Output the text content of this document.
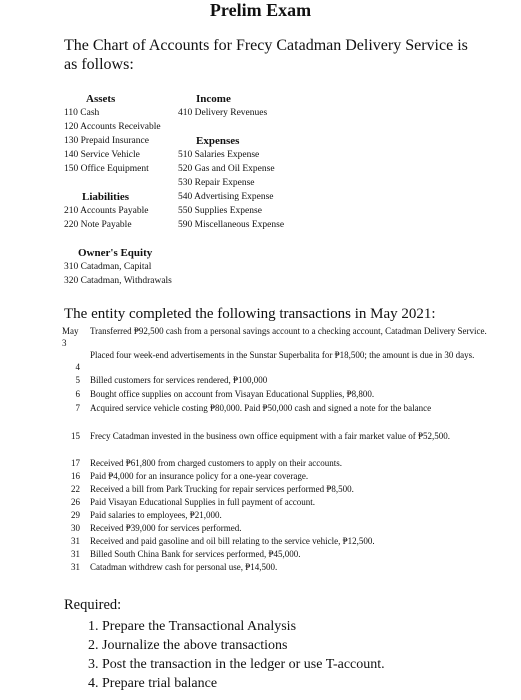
Prelim Exam
The Chart of Accounts for Frecy Catadman Delivery Service is as follows:
Assets
110 Cash
120 Accounts Receivable
130 Prepaid Insurance
140 Service Vehicle
150 Office Equipment
Liabilities
210 Accounts Payable
220 Note Payable
Owner's Equity
310 Catadman, Capital
320 Catadman, Withdrawals
Income
410 Delivery Revenues
Expenses
510 Salaries Expense
520 Gas and Oil Expense
530 Repair Expense
540 Advertising Expense
550 Supplies Expense
590 Miscellaneous Expense
The entity completed the following transactions in May 2021:
May 3
Transferred ₱92,500 cash from a personal savings account to a checking account, Catadman Delivery Service.
4
Placed four week-end advertisements in the Sunstar Superbalita for ₱18,500; the amount is due in 30 days.
5 Billed customers for services rendered, ₱100,000
6 Bought office supplies on account from Visayan Educational Supplies, ₱8,800.
7 Acquired service vehicle costing ₱80,000. Paid ₱50,000 cash and signed a note for the balance
15 Frecy Catadman invested in the business own office equipment with a fair market value of ₱52,500.
17 Received ₱61,800 from charged customers to apply on their accounts.
16 Paid ₱4,000 for an insurance policy for a one-year coverage.
22 Received a bill from Park Trucking for repair services performed ₱8,500.
26 Paid Visayan Educational Supplies in full payment of account.
29 Paid salaries to employees, ₱21,000.
30 Received ₱39,000 for services performed.
31 Received and paid gasoline and oil bill relating to the service vehicle, ₱12,500.
31 Billed South China Bank for services performed, ₱45,000.
31 Catadman withdrew cash for personal use, ₱14,500.
Required:
1. Prepare the Transactional Analysis
2. Journalize the above transactions
3. Post the transaction in the ledger or use T-account.
4. Prepare trial balance
